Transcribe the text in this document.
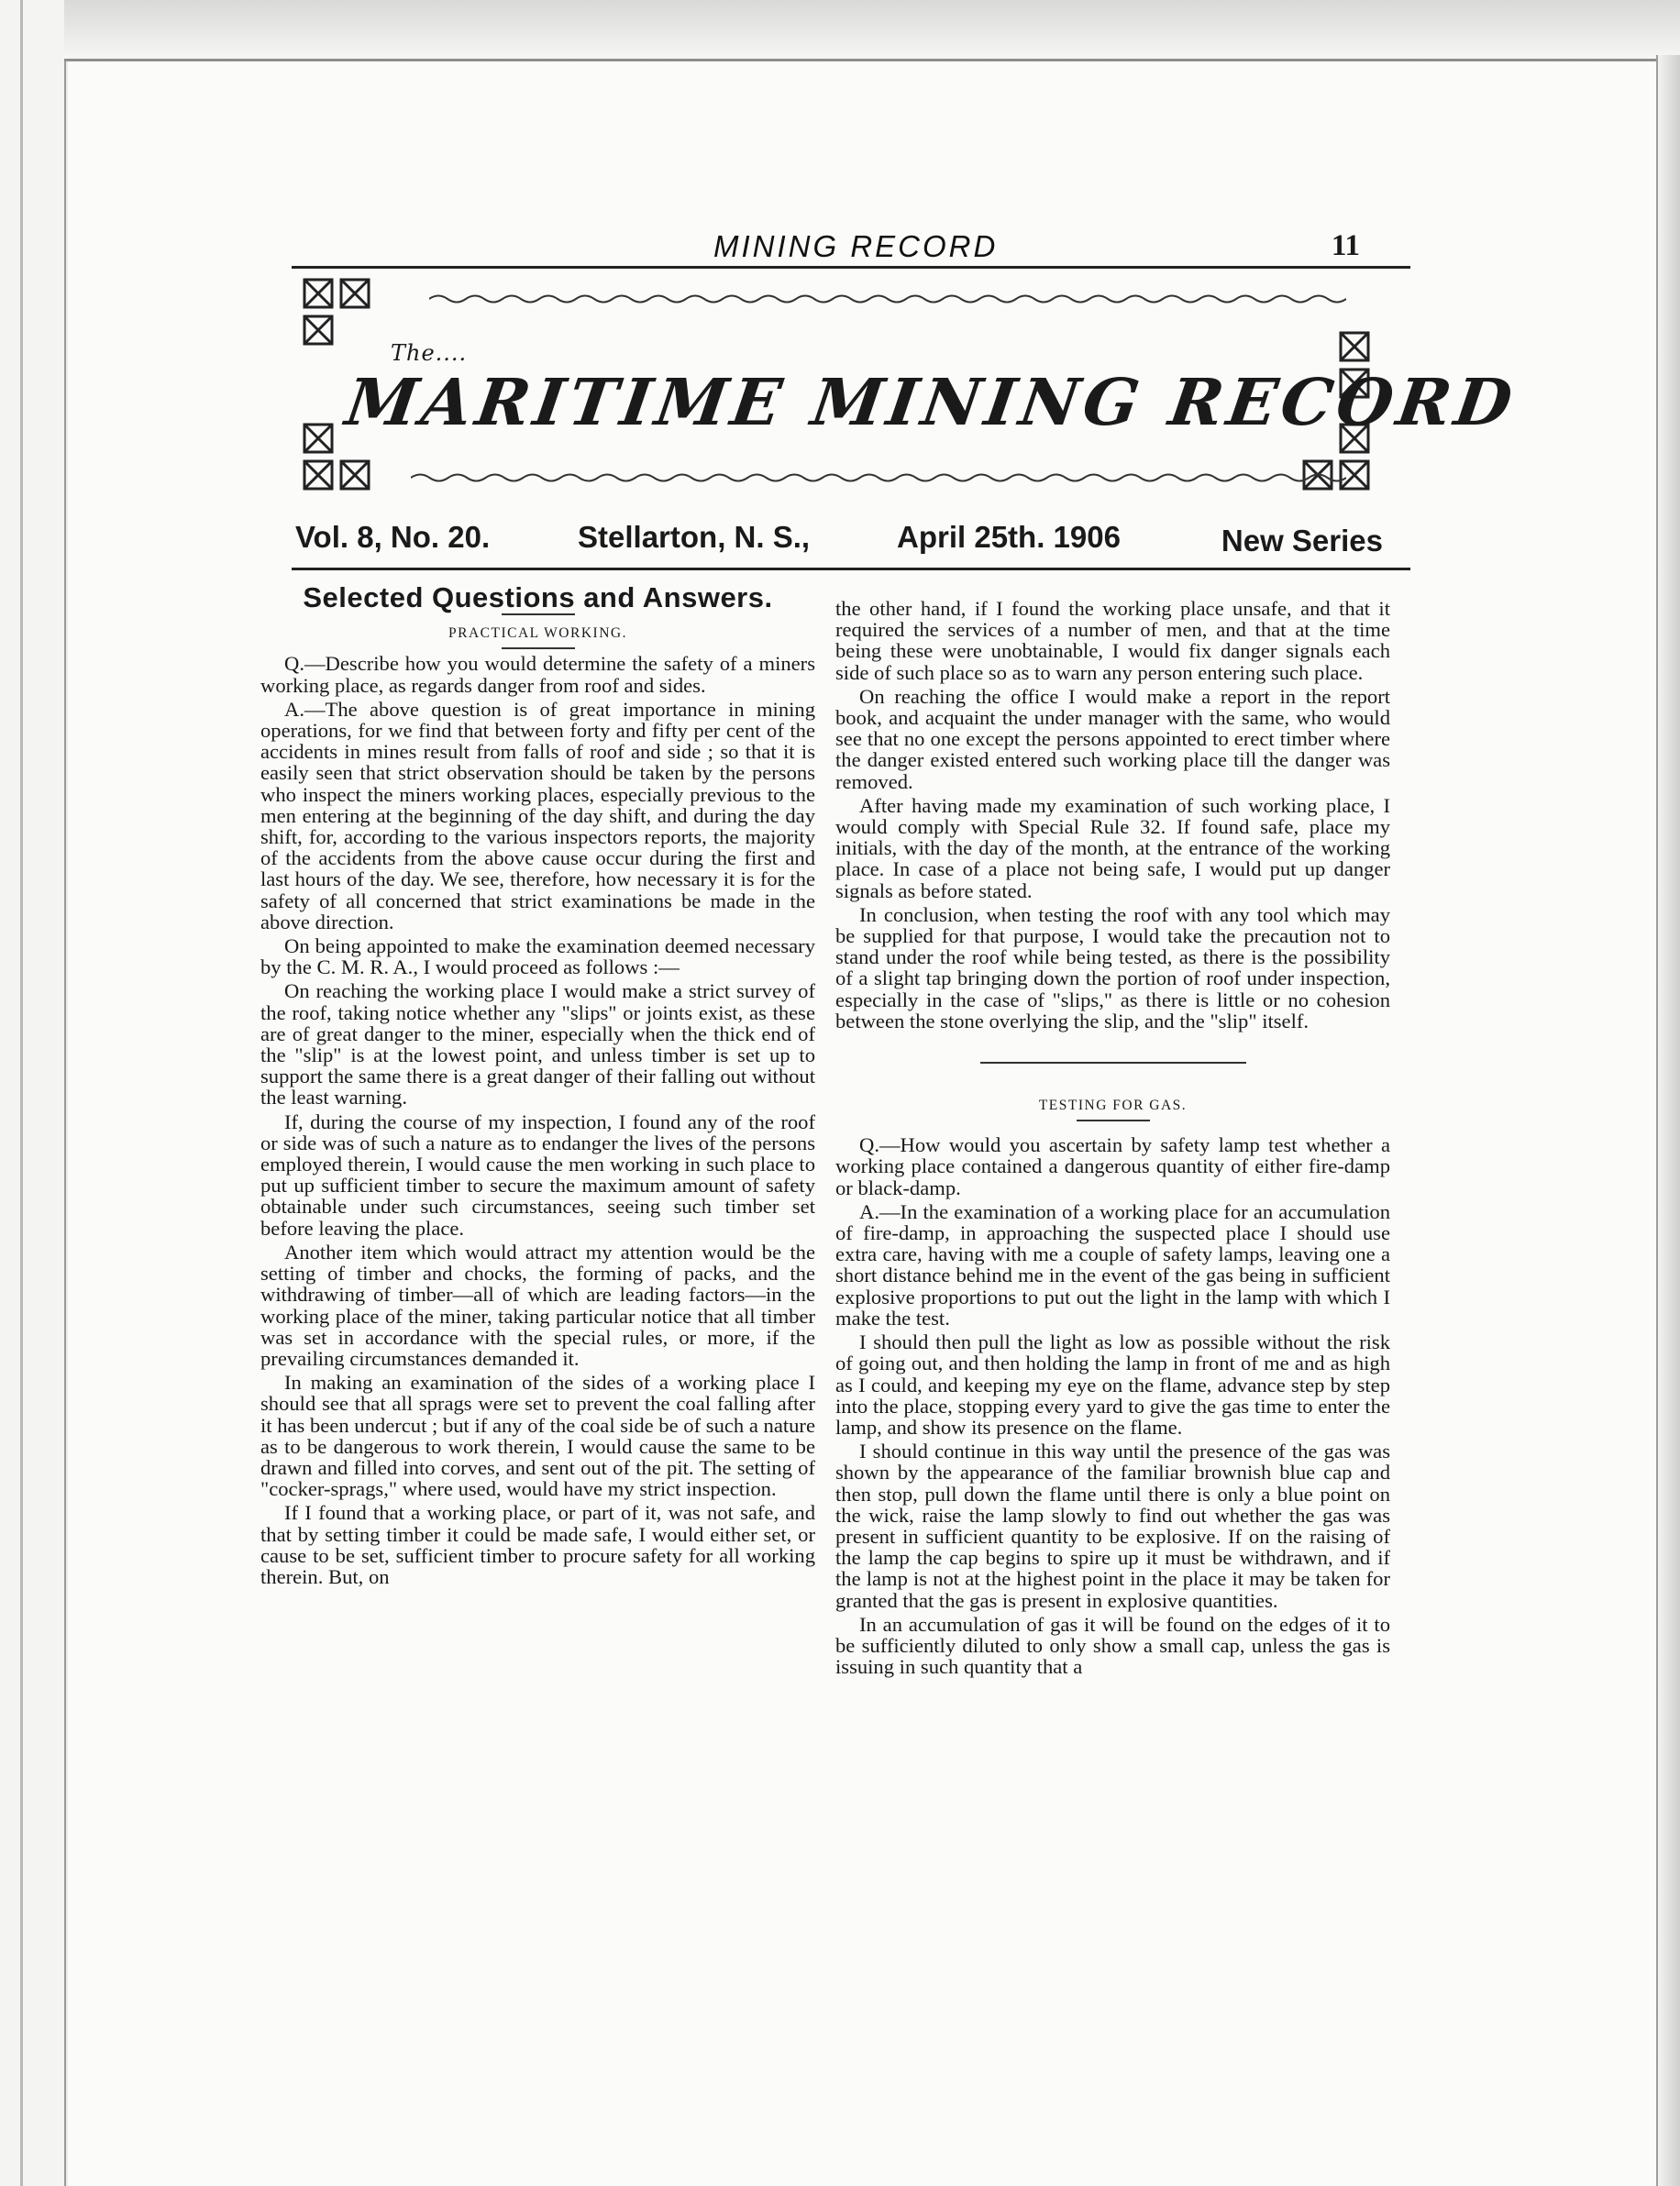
MINING RECORD	11
The....
MARITIME MINING RECORD
Vol. 8, No. 20.	Stellarton, N. S.,	April 25th. 1906	New Series
Selected Questions and Answers.
PRACTICAL WORKING.

Q.—Describe how you would determine the safety of a miners working place, as regards danger from roof and sides.

A.—The above question is of great importance in mining operations, for we find that between forty and fifty per cent of the accidents in mines result from falls of roof and side ; so that it is easily seen that strict observation should be taken by the persons who inspect the miners working places, especially previous to the men entering at the beginning of the day shift, and during the day shift, for, according to the various inspectors reports, the majority of the accidents from the above cause occur during the first and last hours of the day. We see, therefore, how necessary it is for the safety of all concerned that strict examinations be made in the above direction.

On being appointed to make the examination deemed necessary by the C. M. R. A., I would proceed as follows :—

On reaching the working place I would make a strict survey of the roof, taking notice whether any "slips" or joints exist, as these are of great danger to the miner, especially when the thick end of the "slip" is at the lowest point, and unless timber is set up to support the same there is a great danger of their falling out without the least warning.

If, during the course of my inspection, I found any of the roof or side was of such a nature as to endanger the lives of the persons employed therein, I would cause the men working in such place to put up sufficient timber to secure the maximum amount of safety obtainable under such circumstances, seeing such timber set before leaving the place.

Another item which would attract my attention would be the setting of timber and chocks, the forming of packs, and the withdrawing of timber—all of which are leading factors—in the working place of the miner, taking particular notice that all timber was set in accordance with the special rules, or more, if the prevailing circumstances demanded it.

In making an examination of the sides of a working place I should see that all sprags were set to prevent the coal falling after it has been undercut ; but if any of the coal side be of such a nature as to be dangerous to work therein, I would cause the same to be drawn and filled into corves, and sent out of the pit. The setting of "cocker-sprags," where used, would have my strict inspection.

If I found that a working place, or part of it, was not safe, and that by setting timber it could be made safe, I would either set, or cause to be set, sufficient timber to procure safety for all working therein. But, on

the other hand, if I found the working place unsafe, and that it required the services of a number of men, and that at the time being these were unobtainable, I would fix danger signals each side of such place so as to warn any person entering such place.

On reaching the office I would make a report in the report book, and acquaint the under manager with the same, who would see that no one except the persons appointed to erect timber where the danger existed entered such working place till the danger was removed.

After having made my examination of such working place, I would comply with Special Rule 32. If found safe, place my initials, with the day of the month, at the entrance of the working place. In case of a place not being safe, I would put up danger signals as before stated.

In conclusion, when testing the roof with any tool which may be supplied for that purpose, I would take the precaution not to stand under the roof while being tested, as there is the possibility of a slight tap bringing down the portion of roof under inspection, especially in the case of "slips," as there is little or no cohesion between the stone overlying the slip, and the "slip" itself.

TESTING FOR GAS.

Q.—How would you ascertain by safety lamp test whether a working place contained a dangerous quantity of either fire-damp or black-damp.

A.—In the examination of a working place for an accumulation of fire-damp, in approaching the suspected place I should use extra care, having with me a couple of safety lamps, leaving one a short distance behind me in the event of the gas being in sufficient explosive proportions to put out the light in the lamp with which I make the test.

I should then pull the light as low as possible without the risk of going out, and then holding the lamp in front of me and as high as I could, and keeping my eye on the flame, advance step by step into the place, stopping every yard to give the gas time to enter the lamp, and show its presence on the flame.

I should continue in this way until the presence of the gas was shown by the appearance of the familiar brownish blue cap and then stop, pull down the flame until there is only a blue point on the wick, raise the lamp slowly to find out whether the gas was present in sufficient quantity to be explosive. If on the raising of the lamp the cap begins to spire up it must be withdrawn, and if the lamp is not at the highest point in the place it may be taken for granted that the gas is present in explosive quantities.

In an accumulation of gas it will be found on the edges of it to be sufficiently diluted to only show a small cap, unless the gas is issuing in such quantity that a
